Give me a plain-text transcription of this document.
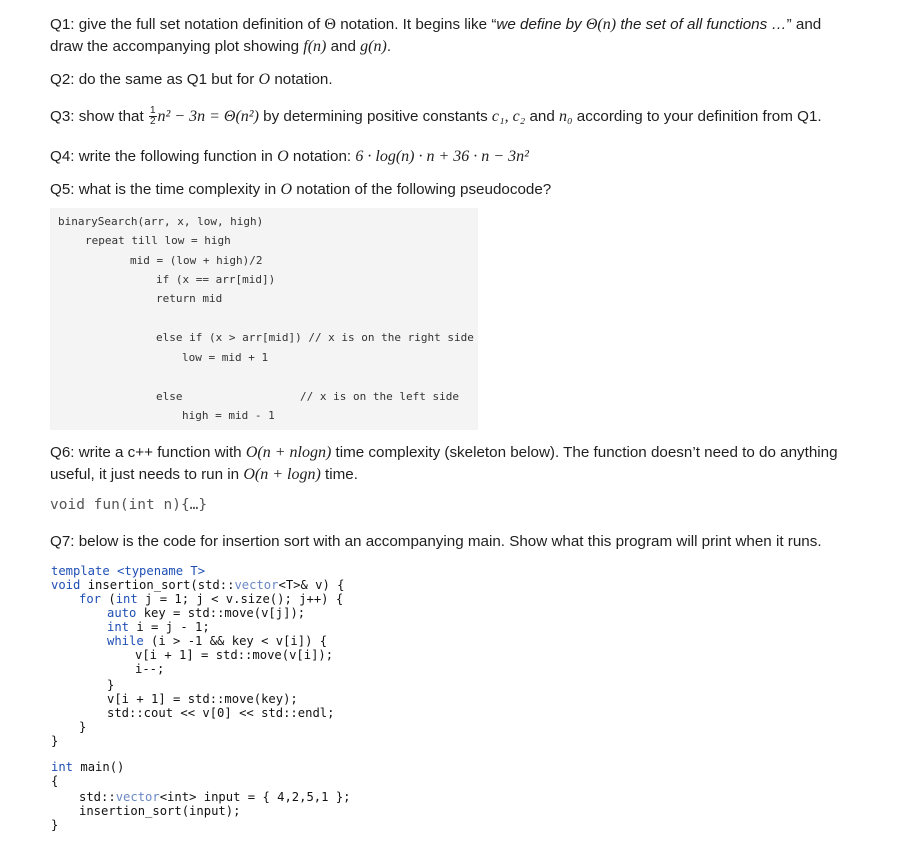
Q1: give the full set notation definition of Θ notation. It begins like “we define by Θ(n) the set of all functions …” and
draw the accompanying plot showing f(n) and g(n).
Q2: do the same as Q1 but for O notation.
Q3: show that $\frac{1}{2} n^2 - 3n = \Theta(n^2)$ by determining positive constants c₁, c₂ and n₀ according to your definition from Q1.
Q4: write the following function in O notation: 6 · log(n) · n + 36 · n − 3n²
Q5: what is the time complexity in O notation of the following pseudocode?
binarySearch(arr, x, low, high)
repeat till low = high
mid = (low + high)/2
if (x == arr[mid])
return mid
else if (x > arr[mid]) // x is on the right side
low = mid + 1
else	// x is on the left side
high = mid - 1
Q6: write a c++ function with O(n + nlogn) time complexity (skeleton below). The function doesn’t need to do anything
useful, it just needs to run in O(n + logn) time.
void fun(int n){…}
Q7: below is the code for insertion sort with an accompanying main. Show what this program will print when it runs.
template <typename T>
void insertion_sort(std::vector<T>& v) {
for (int j = 1; j < v.size(); j++) {
auto key = std::move(v[j]);
int i = j - 1;
while (i > -1 && key < v[i]) {
v[i + 1] = std::move(v[i]);
i--;
}
v[i + 1] = std::move(key);
std::cout << v[0] << std::endl;
}
}
int main()
{
std::vector<int> input = { 4,2,5,1 };
insertion_sort(input);
}
